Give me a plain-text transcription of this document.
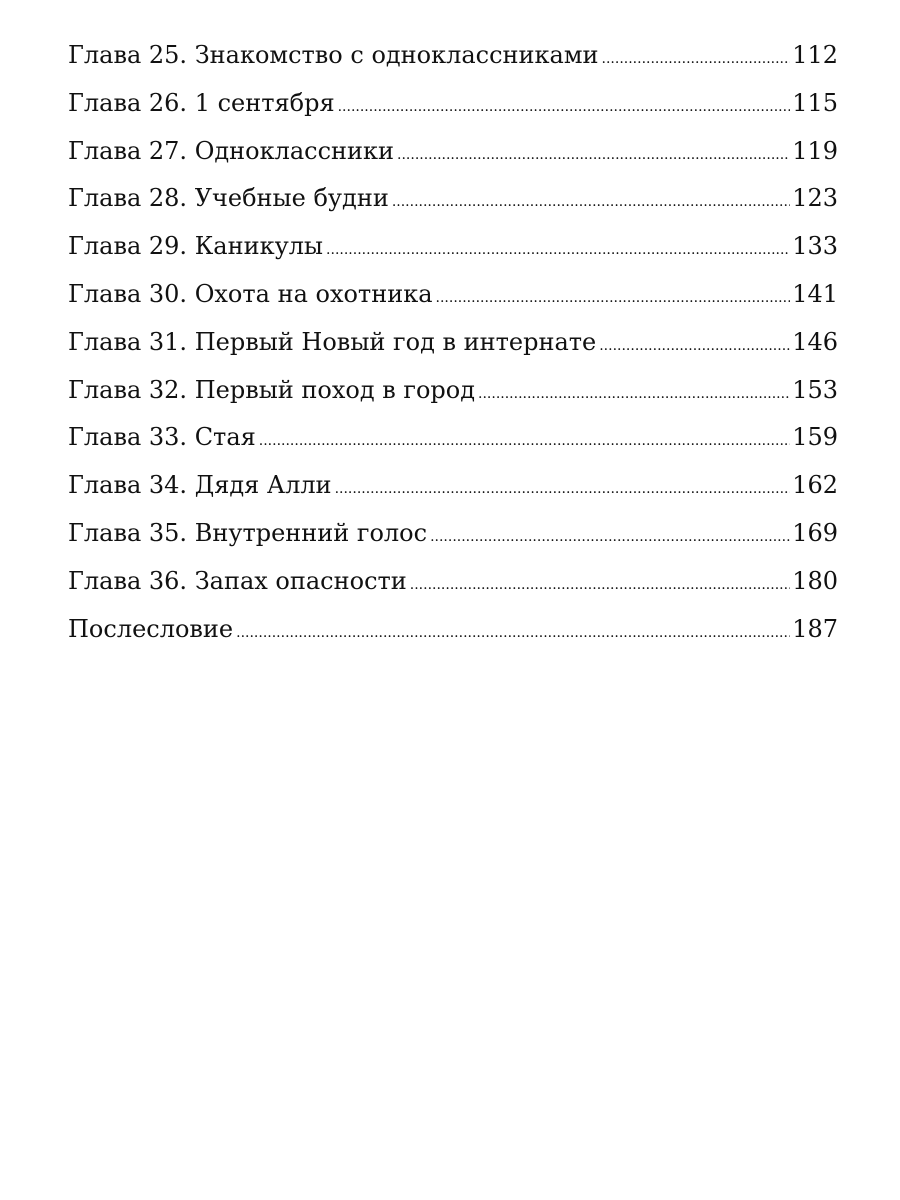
Глава 25. Знакомство с одноклассниками .....	112
Глава 26. 1 сентября .....	115
Глава 27. Одноклассники .....	119
Глава 28. Учебные будни .....	123
Глава 29. Каникулы .....	133
Глава 30. Охота на охотника .....	141
Глава 31. Первый Новый год в интернате .....	146
Глава 32. Первый поход в город .....	153
Глава 33. Стая .....	159
Глава 34. Дядя Алли .....	162
Глава 35. Внутренний голос .....	169
Глава 36. Запах опасности .....	180
Послесловие .....	187
